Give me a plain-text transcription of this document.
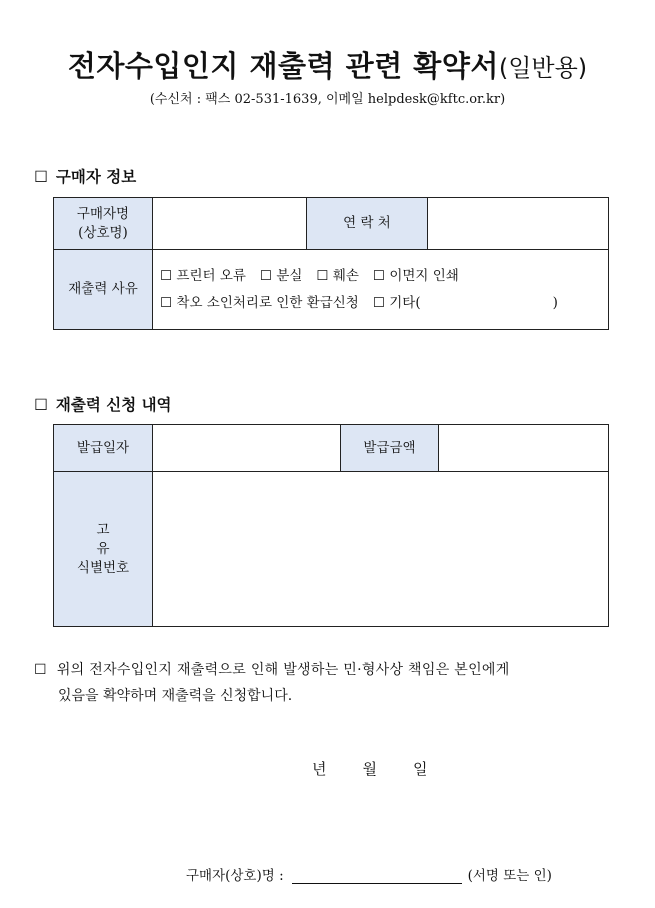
전자수입인지 재출력 관련 확약서(일반용)
(수신처 : 팩스 02-531-1639, 이메일 helpdesk@kftc.or.kr)
☐ 구매자 정보
구매자명
(상호명)		연 락 처	
재출력 사유	☐ 프린터 오류 ☐ 분실 ☐ 훼손 ☐ 이면지 인쇄
☐ 착오 소인처리로 인한 환급신청 ☐ 기타( )		
☐ 재출력 신청 내역
발급일자		발급금액	

고유
식별번호			

☐ 위의 전자수입인지 재출력으로 인해 발생하는 민·형사상 책임은 본인에게
있음을 확약하며 재출력을 신청합니다.
년 월 일
구매자(상호)명 :	(서명 또는 인)
